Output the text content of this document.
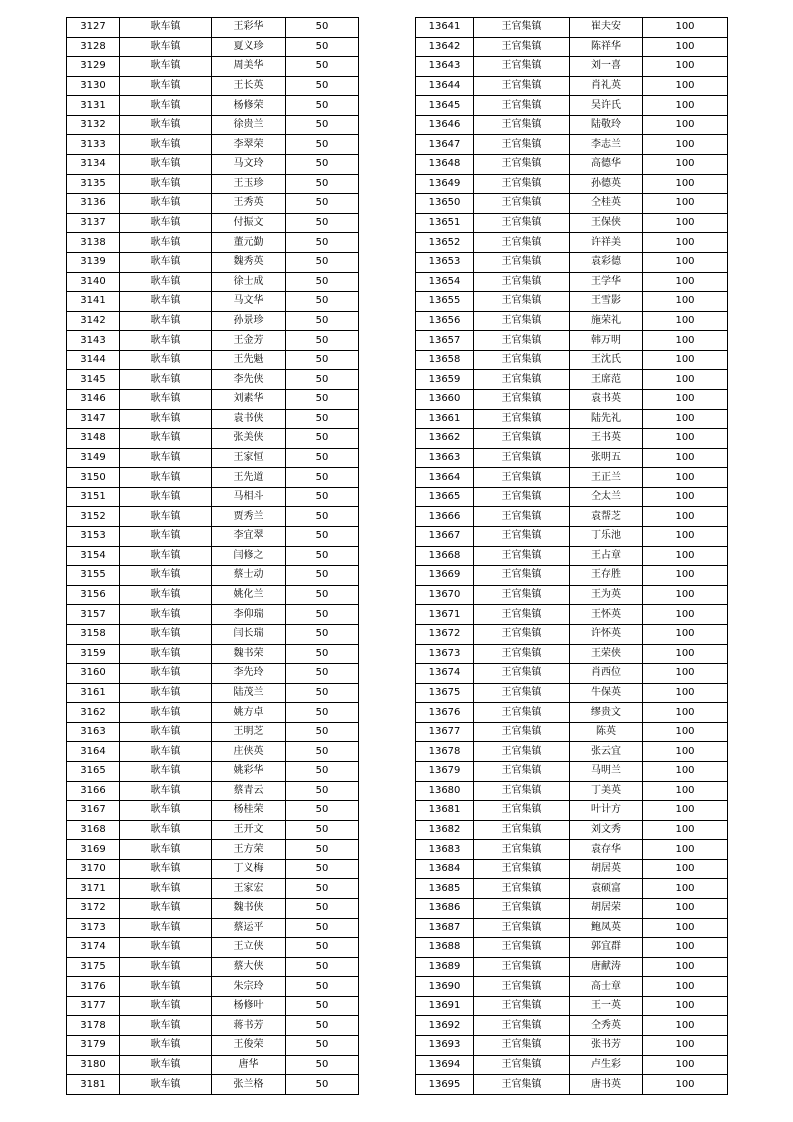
3127	耿车镇	王彩华	50
3128	耿车镇	夏义珍	50
3129	耿车镇	周美华	50
3130	耿车镇	王长英	50
3131	耿车镇	杨修荣	50
3132	耿车镇	徐贵兰	50
3133	耿车镇	李翠荣	50
3134	耿车镇	马文玲	50
3135	耿车镇	王玉珍	50
3136	耿车镇	王秀英	50
3137	耿车镇	付振文	50
3138	耿车镇	董元勤	50
3139	耿车镇	魏秀英	50
3140	耿车镇	徐士成	50
3141	耿车镇	马文华	50
3142	耿车镇	孙景珍	50
3143	耿车镇	王金芳	50
3144	耿车镇	王先魁	50
3145	耿车镇	李先侠	50
3146	耿车镇	刘素华	50
3147	耿车镇	袁书侠	50
3148	耿车镇	张美侠	50
3149	耿车镇	王家恒	50
3150	耿车镇	王先道	50
3151	耿车镇	马相斗	50
3152	耿车镇	贾秀兰	50
3153	耿车镇	李宜翠	50
3154	耿车镇	闫修之	50
3155	耿车镇	蔡士动	50
3156	耿车镇	姚化兰	50
3157	耿车镇	李仰瑞	50
3158	耿车镇	闫长瑞	50
3159	耿车镇	魏书荣	50
3160	耿车镇	李先玲	50
3161	耿车镇	陆茂兰	50
3162	耿车镇	姚方卓	50
3163	耿车镇	王明芝	50
3164	耿车镇	庄侠英	50
3165	耿车镇	姚彩华	50
3166	耿车镇	蔡青云	50
3167	耿车镇	杨桂荣	50
3168	耿车镇	王开文	50
3169	耿车镇	王方荣	50
3170	耿车镇	丁义梅	50
3171	耿车镇	王家宏	50
3172	耿车镇	魏书侠	50
3173	耿车镇	蔡运平	50
3174	耿车镇	王立侠	50
3175	耿车镇	蔡大侠	50
3176	耿车镇	朱宗玲	50
3177	耿车镇	杨修叶	50
3178	耿车镇	蒋书芳	50
3179	耿车镇	王俊荣	50
3180	耿车镇	唐华	50
3181	耿车镇	张兰格	50
13641	王官集镇	崔夫安	100
13642	王官集镇	陈祥华	100
13643	王官集镇	刘一喜	100
13644	王官集镇	肖礼英	100
13645	王官集镇	吴许氏	100
13646	王官集镇	陆敬玲	100
13647	王官集镇	李志兰	100
13648	王官集镇	高德华	100
13649	王官集镇	孙德英	100
13650	王官集镇	仝桂英	100
13651	王官集镇	王保侠	100
13652	王官集镇	许祥美	100
13653	王官集镇	袁彩德	100
13654	王官集镇	王学华	100
13655	王官集镇	王雪影	100
13656	王官集镇	施荣礼	100
13657	王官集镇	韩万明	100
13658	王官集镇	王沈氏	100
13659	王官集镇	王席范	100
13660	王官集镇	袁书英	100
13661	王官集镇	陆先礼	100
13662	王官集镇	王书英	100
13663	王官集镇	张明五	100
13664	王官集镇	王正兰	100
13665	王官集镇	仝太兰	100
13666	王官集镇	袁帮芝	100
13667	王官集镇	丁乐池	100
13668	王官集镇	王占章	100
13669	王官集镇	王存胜	100
13670	王官集镇	王为英	100
13671	王官集镇	王怀英	100
13672	王官集镇	许怀英	100
13673	王官集镇	王荣侠	100
13674	王官集镇	肖西位	100
13675	王官集镇	牛保英	100
13676	王官集镇	缪贵文	100
13677	王官集镇	陈英	100
13678	王官集镇	张云宜	100
13679	王官集镇	马明兰	100
13680	王官集镇	丁美英	100
13681	王官集镇	叶计方	100
13682	王官集镇	刘文秀	100
13683	王官集镇	袁存华	100
13684	王官集镇	胡居英	100
13685	王官集镇	袁硕富	100
13686	王官集镇	胡居荣	100
13687	王官集镇	鲍凤英	100
13688	王官集镇	郭宜群	100
13689	王官集镇	唐献涛	100
13690	王官集镇	高士章	100
13691	王官集镇	王一英	100
13692	王官集镇	仝秀英	100
13693	王官集镇	张书芳	100
13694	王官集镇	卢生彩	100
13695	王官集镇	唐书英	100
